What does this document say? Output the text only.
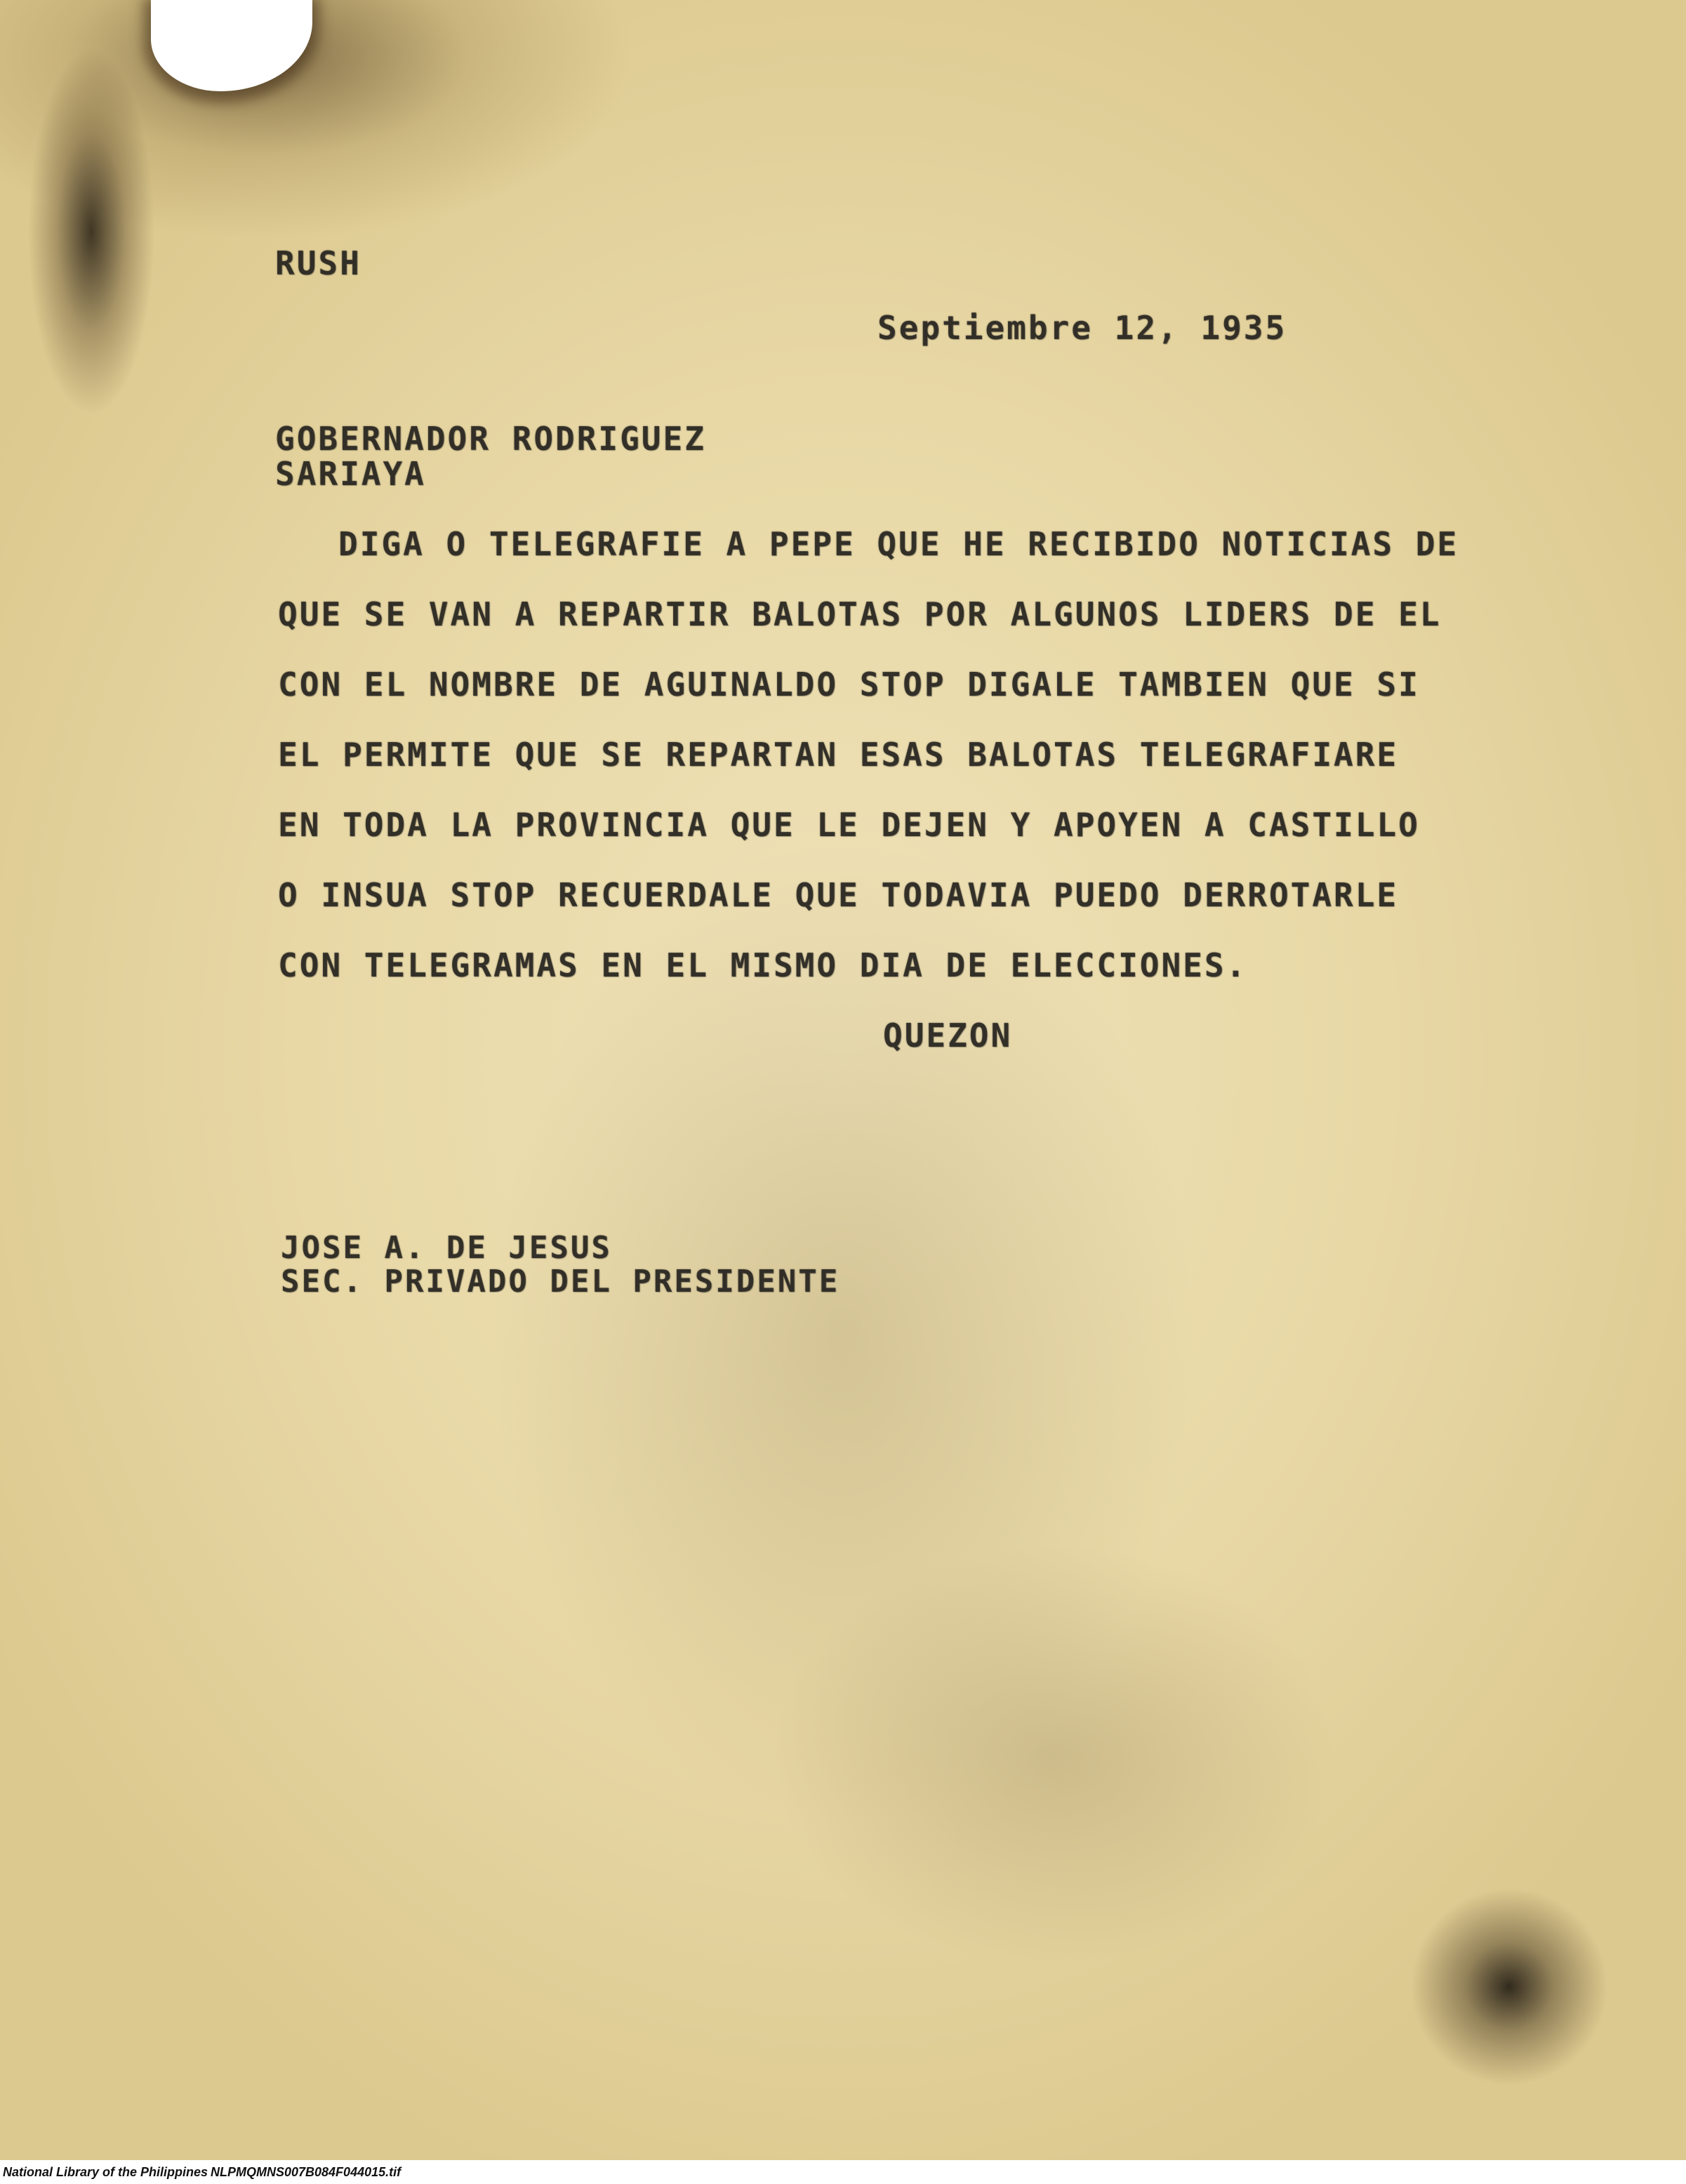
RUSH
Septiembre 12, 1935
GOBERNADOR RODRIGUEZ
SARIAYA
DIGA O TELEGRAFIE A PEPE QUE HE RECIBIDO NOTICIAS DE
QUE SE VAN A REPARTIR BALOTAS POR ALGUNOS LIDERS DE EL
CON EL NOMBRE DE AGUINALDO STOP DIGALE TAMBIEN QUE SI
EL PERMITE QUE SE REPARTAN ESAS BALOTAS TELEGRAFIARE
EN TODA LA PROVINCIA QUE LE DEJEN Y APOYEN A CASTILLO
O INSUA STOP RECUERDALE QUE TODAVIA PUEDO DERROTARLE
CON TELEGRAMAS EN EL MISMO DIA DE ELECCIONES.
QUEZON
JOSE A. DE JESUS
SEC. PRIVADO DEL PRESIDENTE
National Library of the Philippines NLPMQMNS007B084F044015.tif
